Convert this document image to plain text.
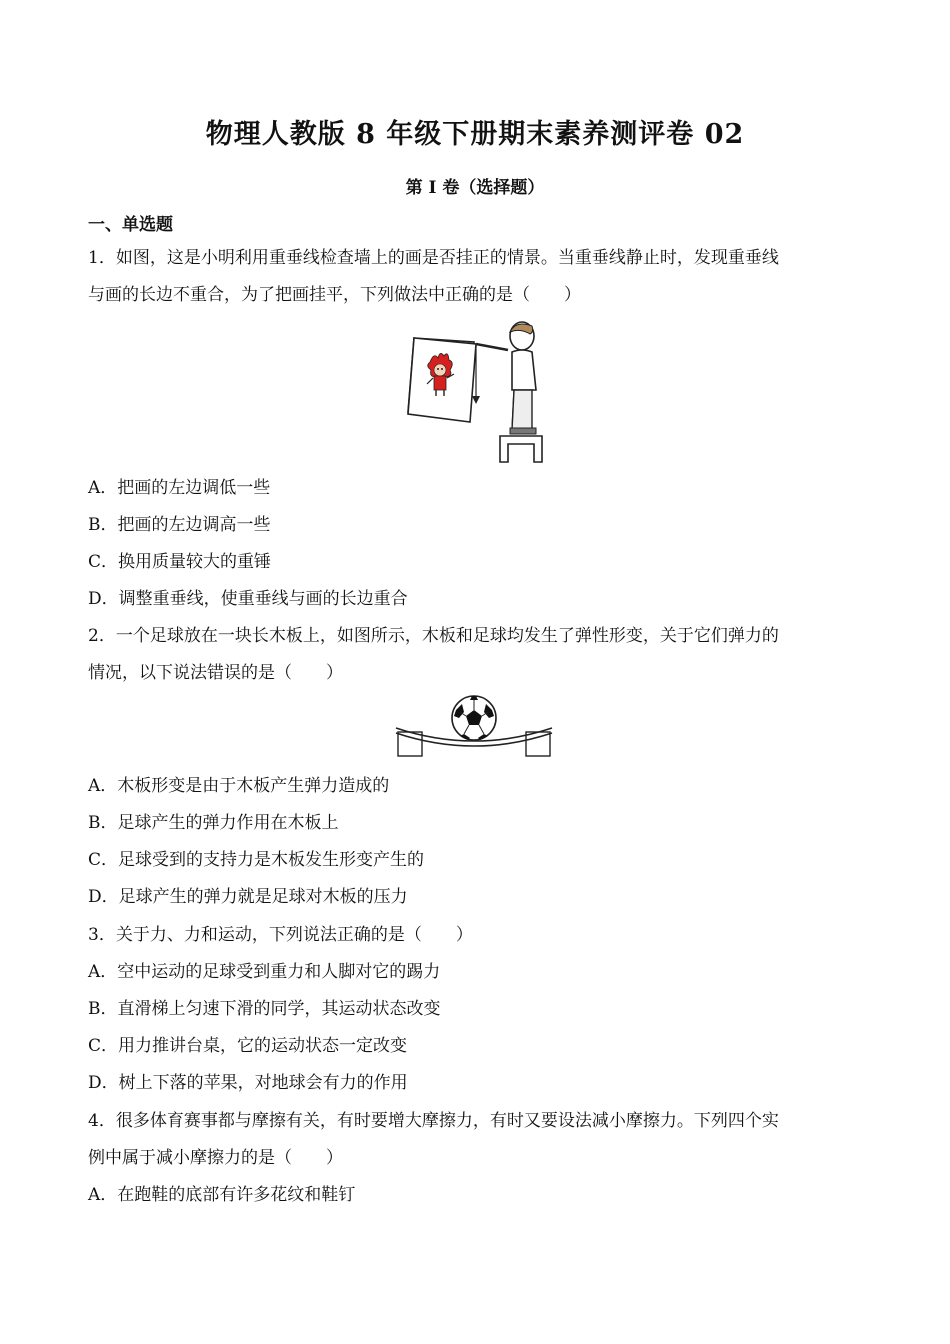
物理人教版 8 年级下册期末素养测评卷 02
第 I 卷（选择题）
一、单选题
1．如图，这是小明利用重垂线检查墙上的画是否挂正的情景。当重垂线静止时，发现重垂线
与画的长边不重合，为了把画挂平，下列做法中正确的是（　　）
A．把画的左边调低一些
B．把画的左边调高一些
C．换用质量较大的重锤
D．调整重垂线，使重垂线与画的长边重合
2．一个足球放在一块长木板上，如图所示，木板和足球均发生了弹性形变，关于它们弹力的
情况，以下说法错误的是（　　）
A．木板形变是由于木板产生弹力造成的
B．足球产生的弹力作用在木板上
C．足球受到的支持力是木板发生形变产生的
D．足球产生的弹力就是足球对木板的压力
3．关于力、力和运动，下列说法正确的是（　　）
A．空中运动的足球受到重力和人脚对它的踢力
B．直滑梯上匀速下滑的同学，其运动状态改变
C．用力推讲台桌，它的运动状态一定改变
D．树上下落的苹果，对地球会有力的作用
4．很多体育赛事都与摩擦有关，有时要增大摩擦力，有时又要设法减小摩擦力。下列四个实
例中属于减小摩擦力的是（　　）
A．在跑鞋的底部有许多花纹和鞋钉
